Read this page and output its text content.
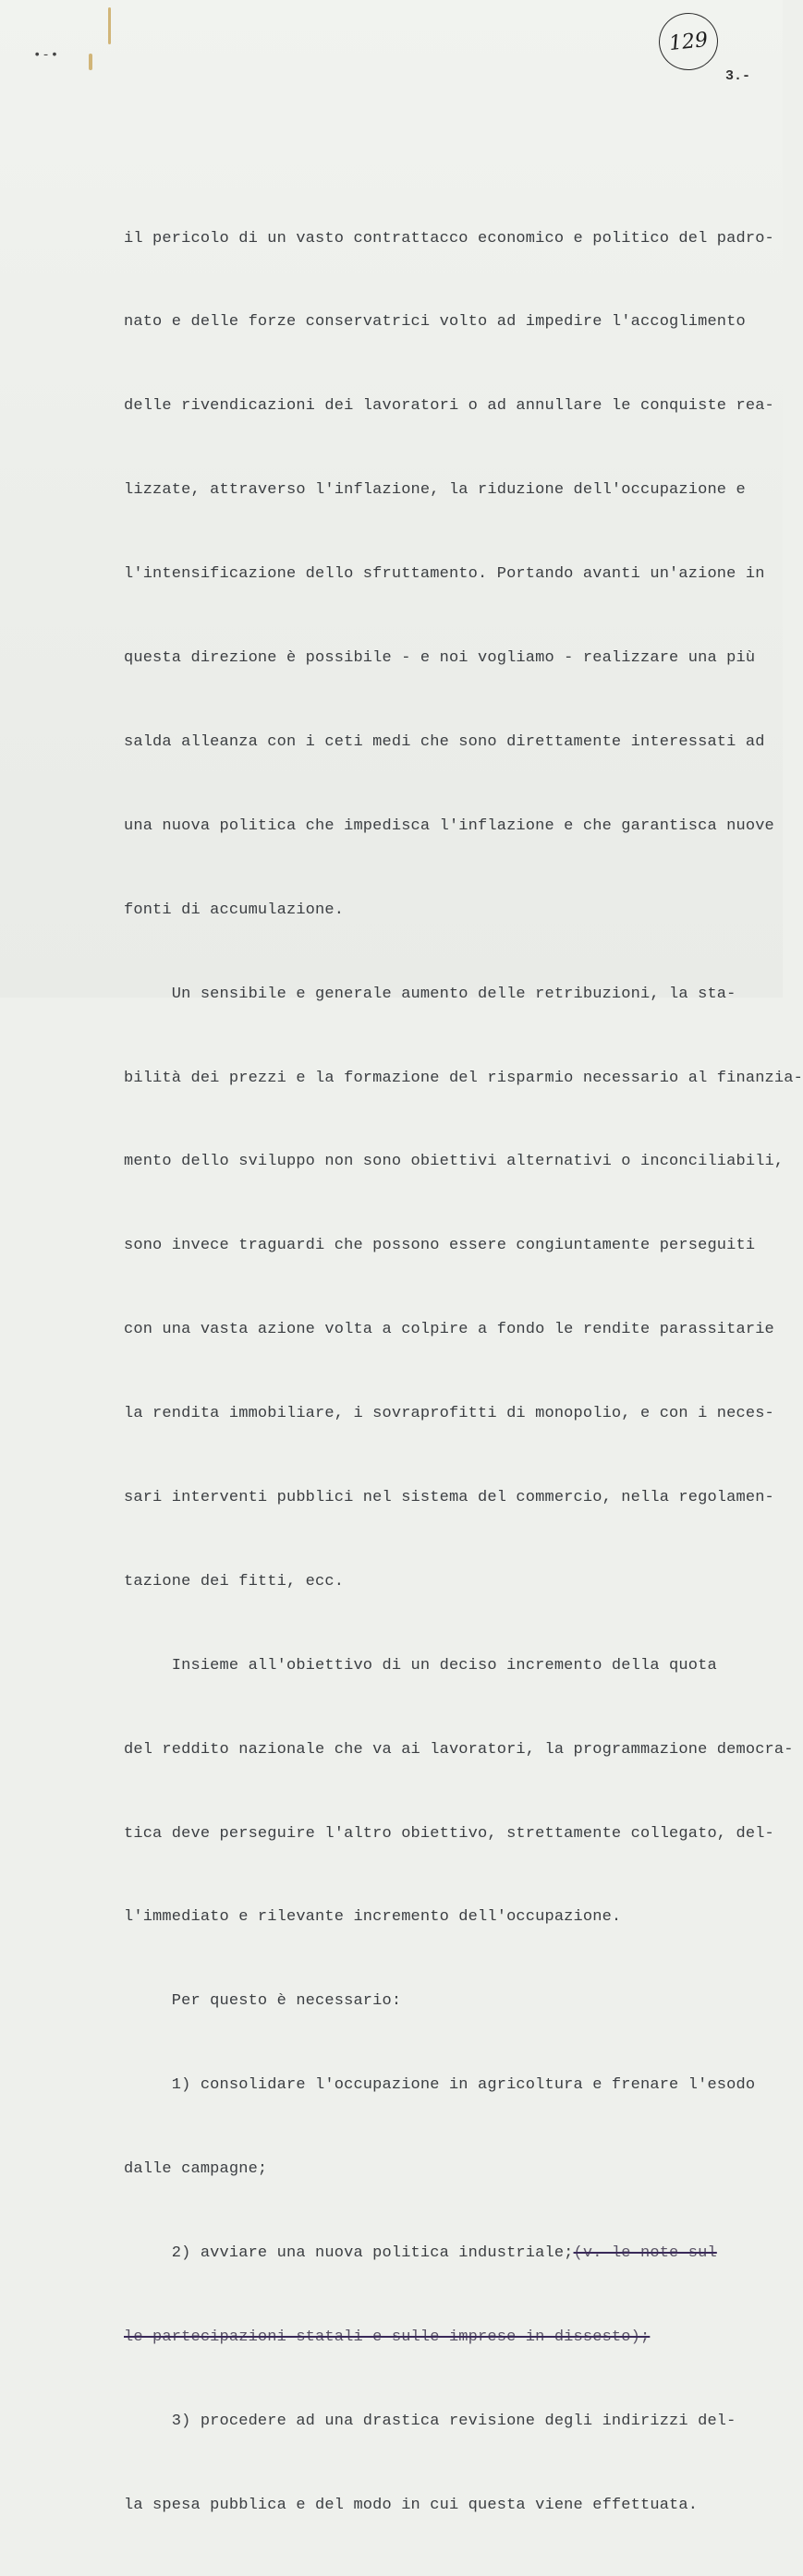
•-•
129
3.-

il pericolo di un vasto contrattacco economico e politico del padro-

nato e delle forze conservatrici volto ad impedire l'accoglimento

delle rivendicazioni dei lavoratori o ad annullare le conquiste rea-

lizzate, attraverso l'inflazione, la riduzione dell'occupazione e

l'intensificazione dello sfruttamento. Portando avanti un'azione in

questa direzione è possibile - e noi vogliamo - realizzare una più

salda alleanza con i ceti medi che sono direttamente interessati ad

una nuova politica che impedisca l'inflazione e che garantisca nuove

fonti di accumulazione.

Un sensibile e generale aumento delle retribuzioni, la sta-

bilità dei prezzi e la formazione del risparmio necessario al finanzia-

mento dello sviluppo non sono obiettivi alternativi o inconciliabili,

sono invece traguardi che possono essere congiuntamente perseguiti

con una vasta azione volta a colpire a fondo le rendite parassitarie

la rendita immobiliare, i sovraprofitti di monopolio, e con i neces-

sari interventi pubblici nel sistema del commercio, nella regolamen-

tazione dei fitti, ecc.

Insieme all'obiettivo di un deciso incremento della quota

del reddito nazionale che va ai lavoratori, la programmazione democra-

tica deve perseguire l'altro obiettivo, strettamente collegato, del-

l'immediato e rilevante incremento dell'occupazione.

Per questo è necessario:

1) consolidare l'occupazione in agricoltura e frenare l'esodo

dalle campagne;

2) avviare una nuova politica industriale;(v. le note sul

le partecipazioni statali e sulle imprese in dissesto);

3) procedere ad una drastica revisione degli indirizzi del-

la spesa pubblica e del modo in cui questa viene effettuata.
